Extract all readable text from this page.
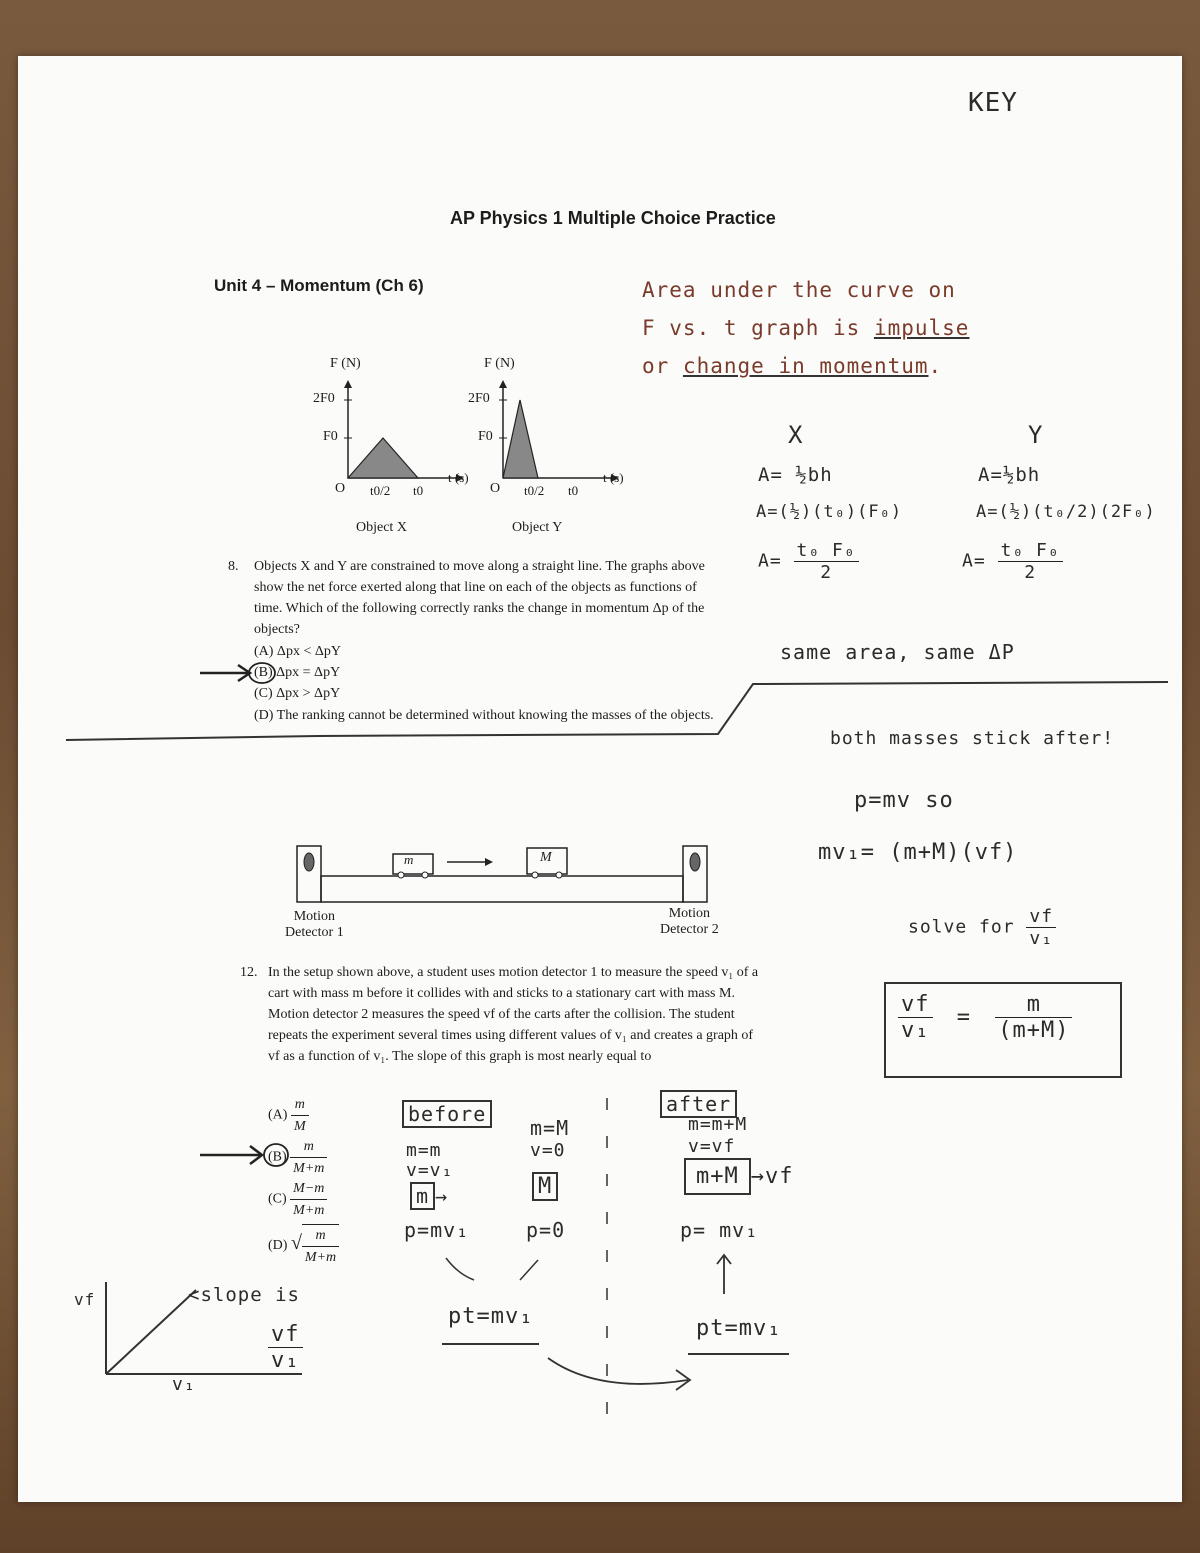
KEY
AP Physics 1 Multiple Choice Practice
Unit 4 – Momentum (Ch 6)	Area under the curve on
F vs. t graph is impulse
or change in momentum.
F (N)
2F0
F0
O t0/2 t0
t (s)
Object X
F (N)
2F0
F0
O t0/2 t0
t (s)
Object Y
8. Objects X and Y are constrained to move along a straight line. The graphs above show the net force exerted along that line on each of the objects as functions of time. Which of the following correctly ranks the change in momentum Δp of the objects?
(A) Δpx < ΔpY
(B) Δpx = ΔpY
(C) Δpx > ΔpY
(D) The ranking cannot be determined without knowing the masses of the objects.
X
A= ½bh
A=(½)(t₀)(F₀)
$A= \frac{\text{t₀ F₀}}{2}$
Y
A=½bh
A=(½)(t₀/2)(2F₀)
$A= \frac{\text{t₀ F₀}}{2}$
same area, same ΔP
both masses stick after!
p=mv so
mv₁= (m+M)(vf)
solve for $\frac{vf}{\text{v₁}}$
$\frac{vf}{\text{v₁}} = \frac{m}{(m+M)}$
m	M
Motion
Detector 1
Motion
Detector 2
12. In the setup shown above, a student uses motion detector 1 to measure the speed v₁ of a cart with mass m before it collides with and sticks to a stationary cart with mass M. Motion detector 2 measures the speed vf of the carts after the collision. The student repeats the experiment several times using different values of v₁ and creates a graph of vf as a function of v₁. The slope of this graph is most nearly equal to
$(A) \frac{m}{M}$
$(B) \frac{m}{M+m}$
$(C) \frac{M-m}{M+m}$
(D) √ $\frac{m}{M+m}$
before
m=m
v=v₁
m →
p=mv₁
m=M
v=0
M
p=0
pt=mv₁
after
m=m+M
v=vf
m+M →vf
p= mv₁
pt=mv₁
vf
v₁
<slope is
$\frac{vf}{\text{v₁}}$
